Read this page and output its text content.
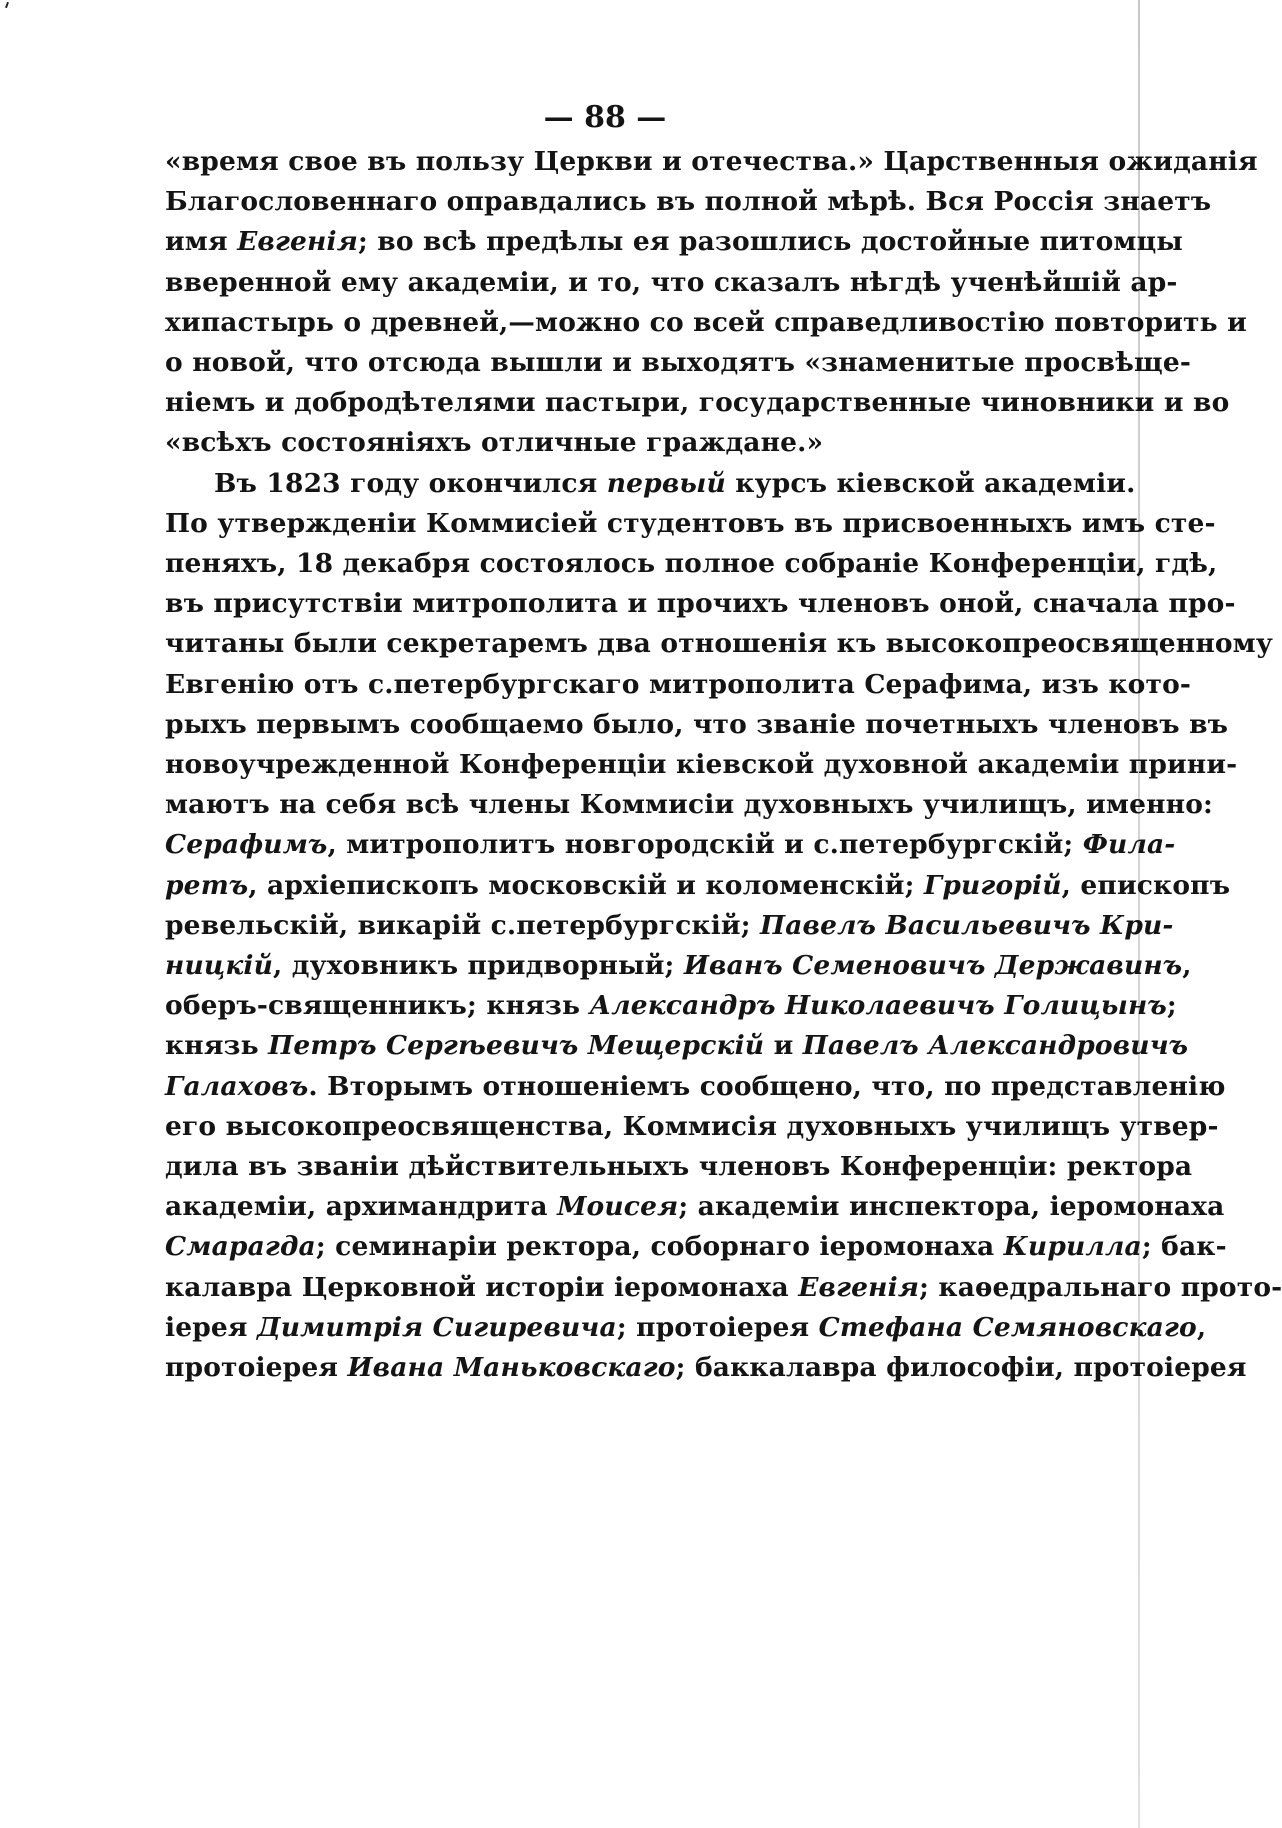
— 88 —
«время свое въ пользу Церкви и отечества.» Царственныя ожиданія
Благословеннаго оправдались въ полной мѣрѣ. Вся Россія знаетъ
имя Евгенія; во всѣ предѣлы ея разошлись достойные питомцы
вверенной ему академіи, и то, что сказалъ нѣгдѣ ученѣйшій ар-
хипастырь о древней,—можно со всей справедливостію повторить и
о новой, что отсюда вышли и выходятъ «знаменитые просвѣще-
ніемъ и добродѣтелями пастыри, государственные чиновники и во
«всѣхъ состояніяхъ отличные граждане.»
Въ 1823 году окончился первый курсъ кіевской академіи.
По утвержденіи Коммисіей студентовъ въ присвоенныхъ имъ сте-
пеняхъ, 18 декабря состоялось полное собраніе Конференціи, гдѣ,
въ присутствіи митрополита и прочихъ членовъ оной, сначала про-
читаны были секретаремъ два отношенія къ высокопреосвященному
Евгенію отъ с.петербургскаго митрополита Серафима, изъ кото-
рыхъ первымъ сообщаемо было, что званіе почетныхъ членовъ въ
новоучрежденной Конференціи кіевской духовной академіи прини-
маютъ на себя всѣ члены Коммисіи духовныхъ училищъ, именно:
Серафимъ, митрополитъ новгородскій и с.петербургскій; Фила-
ретъ, архіепископъ московскій и коломенскій; Григорій, епископъ
ревельскій, викарій с.петербургскій; Павелъ Васильевичъ Кри-
ницкій, духовникъ придворный; Иванъ Семеновичъ Державинъ,
оберъ-священникъ; князь Александръ Николаевичъ Голицынъ;
князь Петръ Сергѣевичъ Мещерскій и Павелъ Александровичъ
Галаховъ. Вторымъ отношеніемъ сообщено, что, по представленію
его высокопреосвященства, Коммисія духовныхъ училищъ утвер-
дила въ званіи дѣйствительныхъ членовъ Конференціи: ректора
академіи, архимандрита Моисея; академіи инспектора, іеромонаха
Смарагда; семинаріи ректора, соборнаго іеромонаха Кирилла; бак-
калавра Церковной исторіи іеромонаха Евгенія; каѳедральнаго прото-
іерея Димитрія Сигиревича; протоіерея Стефана Семяновскаго,
протоіерея Ивана Маньковскаго; баккалавра философіи, протоіерея
